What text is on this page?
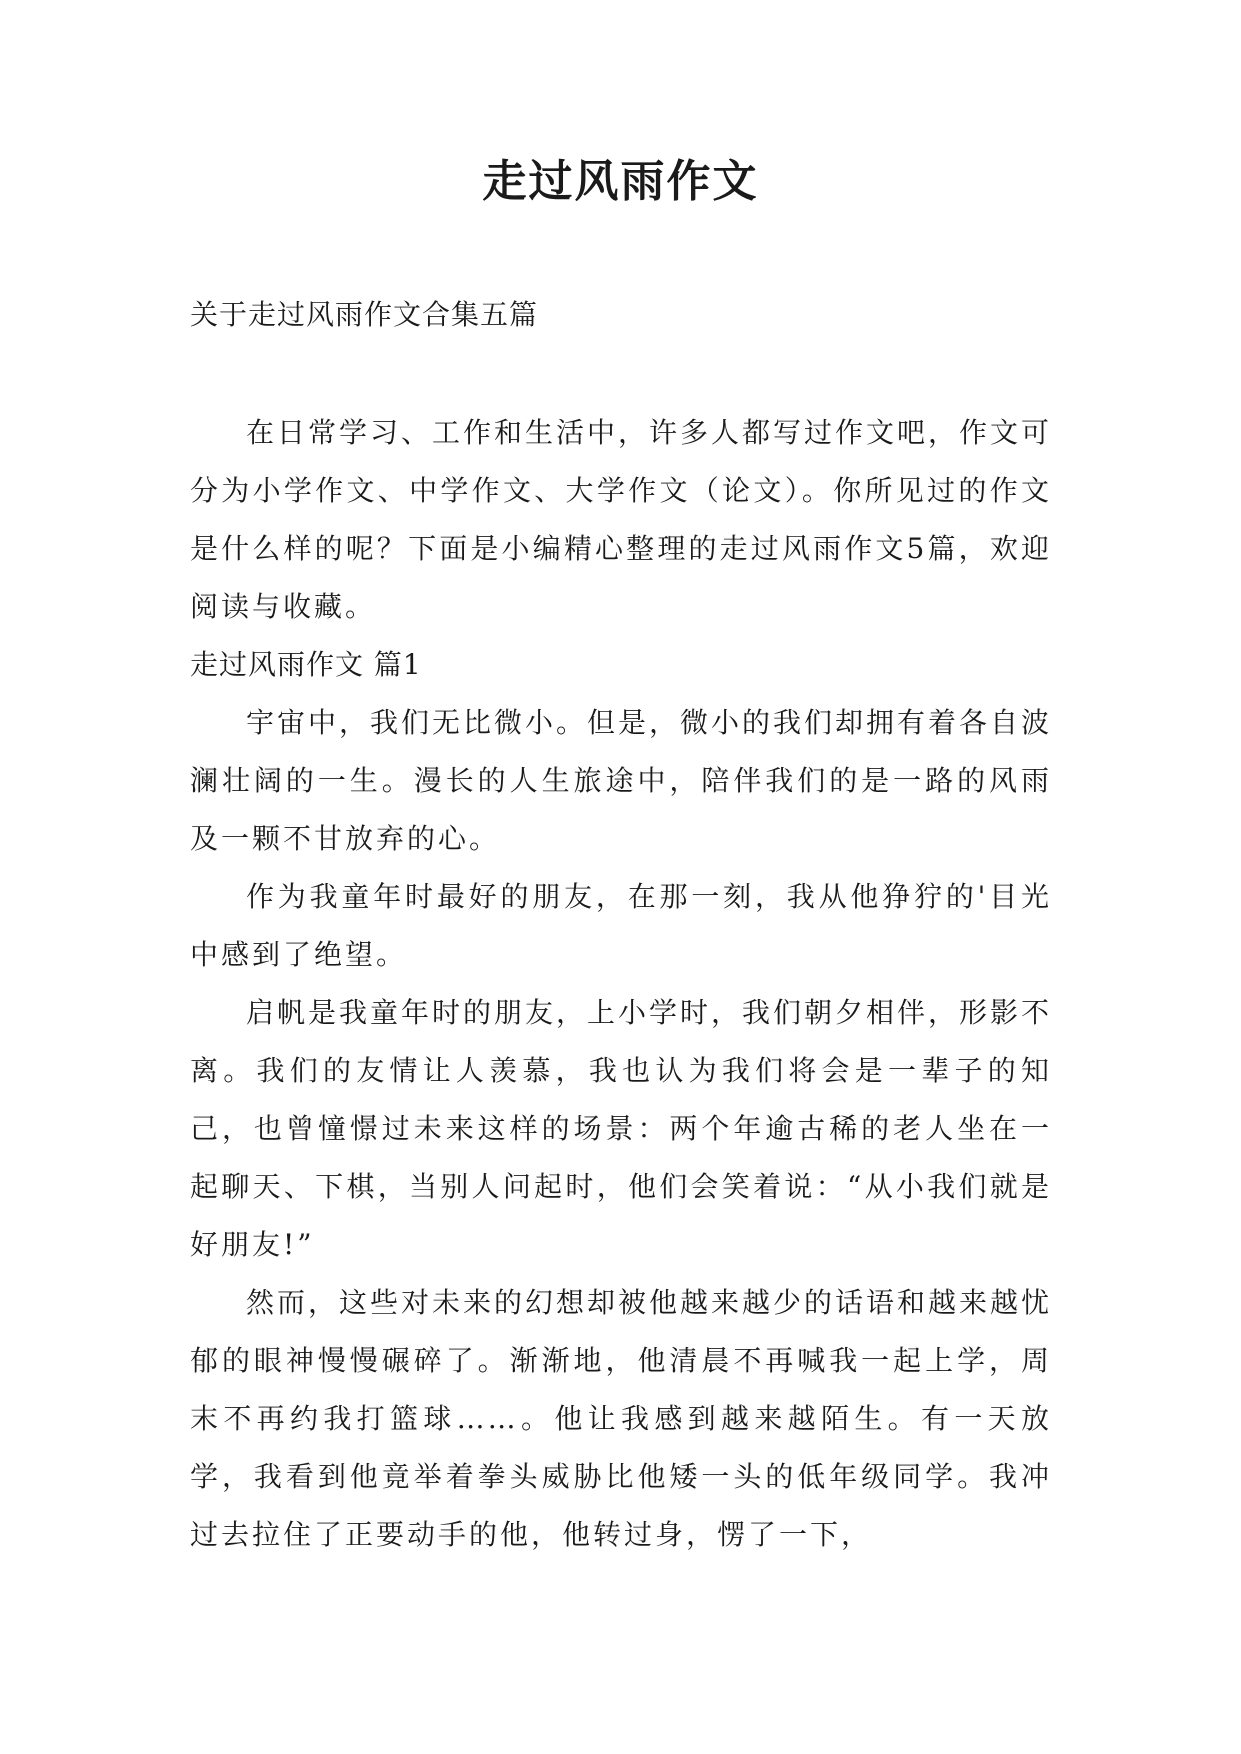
走过风雨作文

关于走过风雨作文合集五篇

在日常学习、工作和生活中，许多人都写过作文吧，作文可分为小学作文、中学作文、大学作文（论文）。你所见过的作文是什么样的呢？下面是小编精心整理的走过风雨作文5篇，欢迎阅读与收藏。

走过风雨作文 篇1

宇宙中，我们无比微小。但是，微小的我们却拥有着各自波澜壮阔的一生。漫长的人生旅途中，陪伴我们的是一路的风雨及一颗不甘放弃的心。

作为我童年时最好的朋友，在那一刻，我从他狰狞的'目光中感到了绝望。

启帆是我童年时的朋友，上小学时，我们朝夕相伴，形影不离。我们的友情让人羡慕，我也认为我们将会是一辈子的知己，也曾憧憬过未来这样的场景：两个年逾古稀的老人坐在一起聊天、下棋，当别人问起时，他们会笑着说：“从小我们就是好朋友!”

然而，这些对未来的幻想却被他越来越少的话语和越来越忧郁的眼神慢慢碾碎了。渐渐地，他清晨不再喊我一起上学，周末不再约我打篮球……。他让我感到越来越陌生。有一天放学，我看到他竟举着拳头威胁比他矮一头的低年级同学。我冲过去拉住了正要动手的他，他转过身，愣了一下，
